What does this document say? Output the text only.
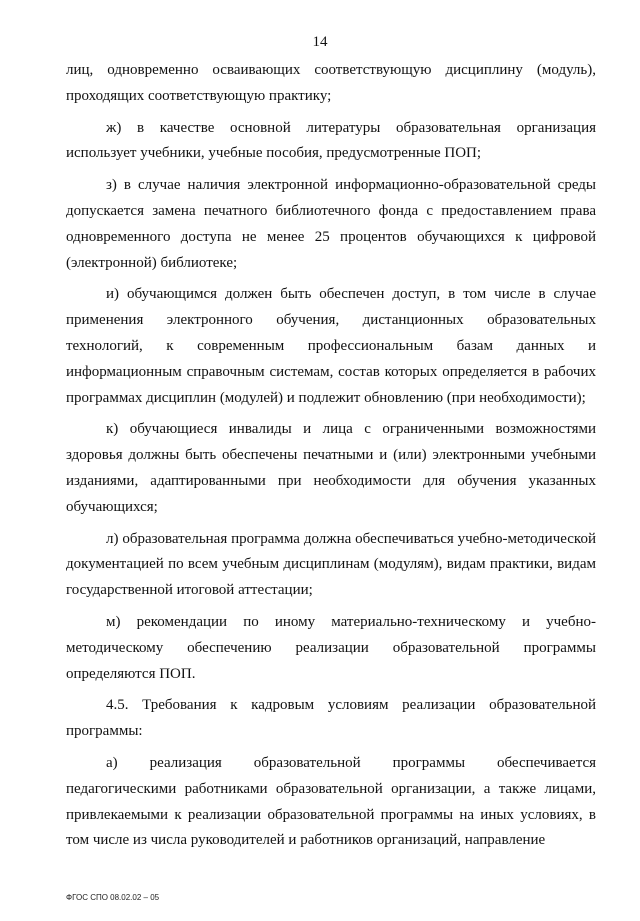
14

лиц, одновременно осваивающих соответствующую дисциплину (модуль), проходящих соответствующую практику;

ж) в качестве основной литературы образовательная организация использует учебники, учебные пособия, предусмотренные ПОП;

з) в случае наличия электронной информационно-образовательной среды допускается замена печатного библиотечного фонда с предоставлением права одновременного доступа не менее 25 процентов обучающихся к цифровой (электронной) библиотеке;

и) обучающимся должен быть обеспечен доступ, в том числе в случае применения электронного обучения, дистанционных образовательных технологий, к современным профессиональным базам данных и информационным справочным системам, состав которых определяется в рабочих программах дисциплин (модулей) и подлежит обновлению (при необходимости);

к) обучающиеся инвалиды и лица с ограниченными возможностями здоровья должны быть обеспечены печатными и (или) электронными учебными изданиями, адаптированными при необходимости для обучения указанных обучающихся;

л) образовательная программа должна обеспечиваться учебно-методической документацией по всем учебным дисциплинам (модулям), видам практики, видам государственной итоговой аттестации;

м) рекомендации по иному материально-техническому и учебно-методическому обеспечению реализации образовательной программы определяются ПОП.

4.5. Требования к кадровым условиям реализации образовательной программы:

а) реализация образовательной программы обеспечивается педагогическими работниками образовательной организации, а также лицами, привлекаемыми к реализации образовательной программы на иных условиях, в том числе из числа руководителей и работников организаций, направление

ФГОС СПО 08.02.02 – 05
